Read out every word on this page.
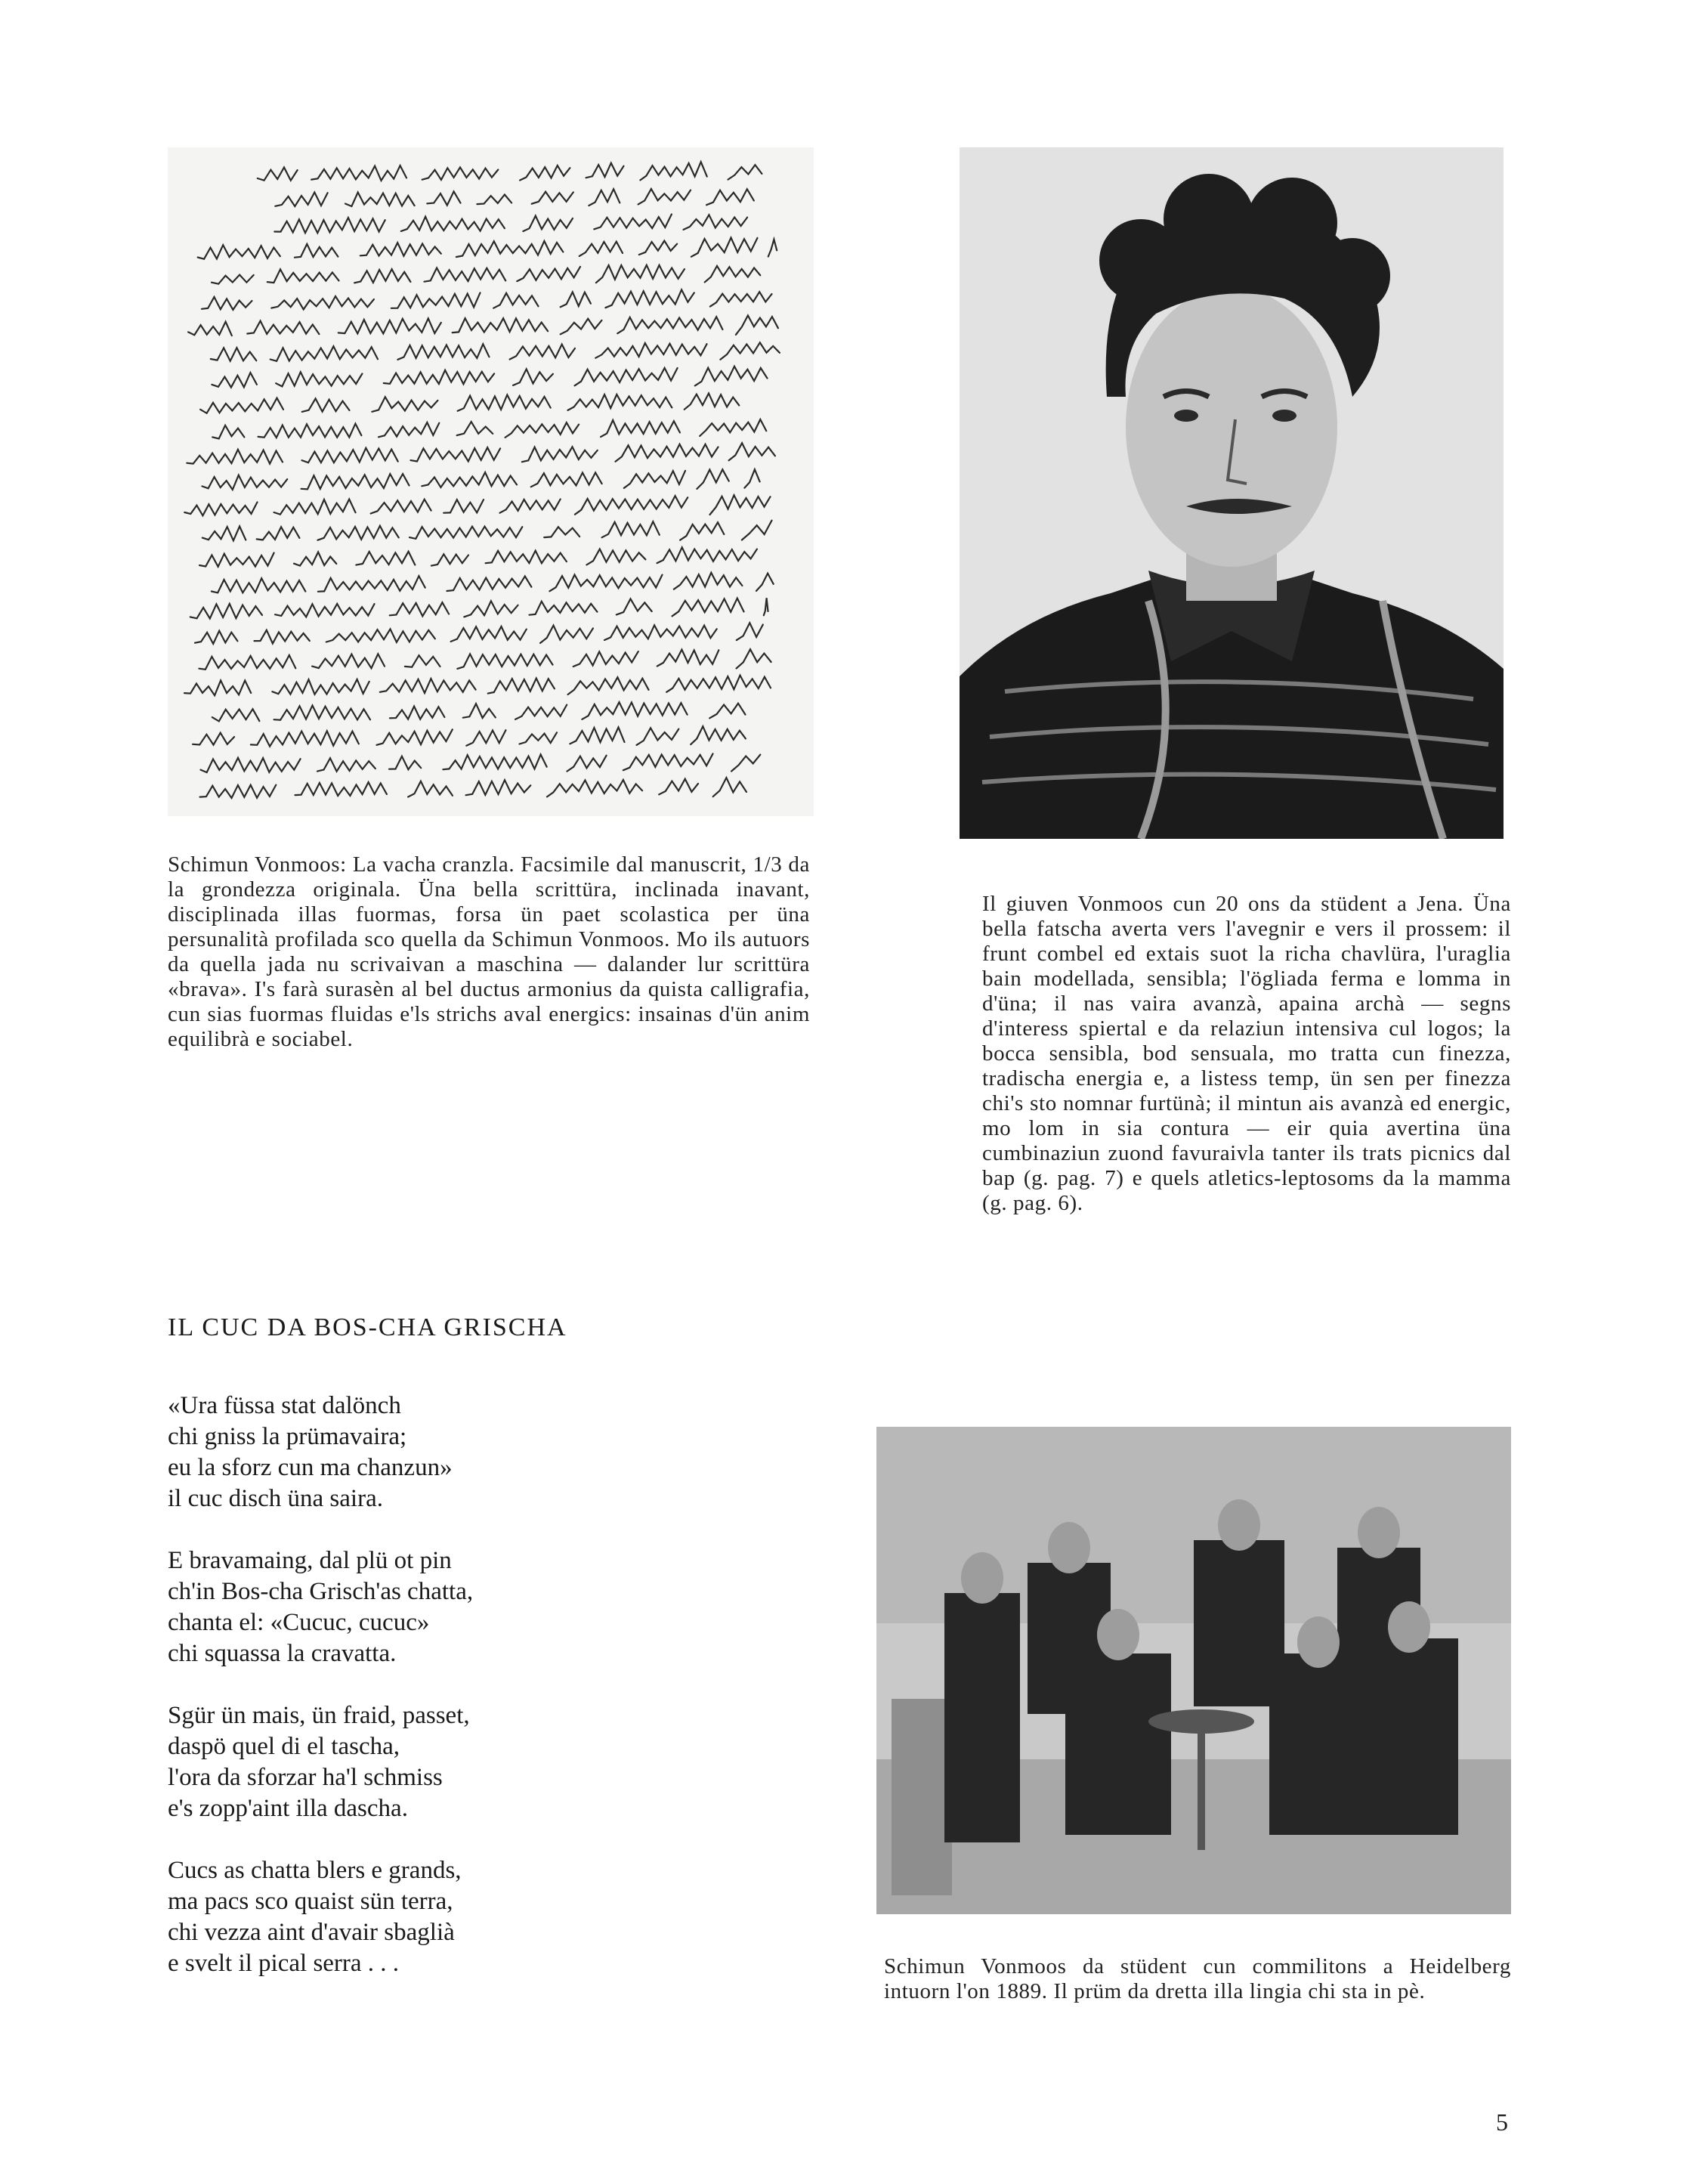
Schimun Vonmoos: La vacha cranzla. Facsimile dal manuscrit, 1/3 da la grondezza originala. Üna bella scrittüra, inclinada inavant, disciplinada illas fuormas, forsa ün paet scolastica per üna persunalità profilada sco quella da Schimun Vonmoos. Mo ils autuors da quella jada nu scrivaivan a maschina — dalander lur scrittüra «brava». I's farà surasèn al bel ductus armonius da quista calligrafia, cun sias fuormas fluidas e'ls strichs aval energics: insainas d'ün anim equilibrà e sociabel.
Il giuven Vonmoos cun 20 ons da stüdent a Jena. Üna bella fatscha averta vers l'avegnir e vers il prossem: il frunt combel ed extais suot la richa chavlüra, l'uraglia bain modellada, sensibla; l'ögliada ferma e lomma in d'üna; il nas vaira avanzà, apaina archà — segns d'interess spiertal e da relaziun intensiva cul logos; la bocca sensibla, bod sensuala, mo tratta cun finezza, tradischa energia e, a listess temp, ün sen per finezza chi's sto nomnar furtünà; il mintun ais avanzà ed energic, mo lom in sia contura — eir quia avertina üna cumbinaziun zuond favuraivla tanter ils trats picnics dal bap (g. pag. 7) e quels atletics-leptosoms da la mamma (g. pag. 6).
IL CUC DA BOS-CHA GRISCHA
«Ura füssa stat dalönch
chi gniss la prümavaira;
eu la sforz cun ma chanzun»
il cuc disch üna saira.
E bravamaing, dal plü ot pin
ch'in Bos-cha Grisch'as chatta,
chanta el: «Cucuc, cucuc»
chi squassa la cravatta.
Sgür ün mais, ün fraid, passet,
daspö quel di el tascha,
l'ora da sforzar ha'l schmiss
e's zopp'aint illa dascha.
Cucs as chatta blers e grands,
ma pacs sco quaist sün terra,
chi vezza aint d'avair sbaglià
e svelt il pical serra . . .	Schimun Vonmoos da stüdent cun commilitons a Heidelberg intuorn l'on 1889. Il prüm da dretta illa lingia chi sta in pè.
5
